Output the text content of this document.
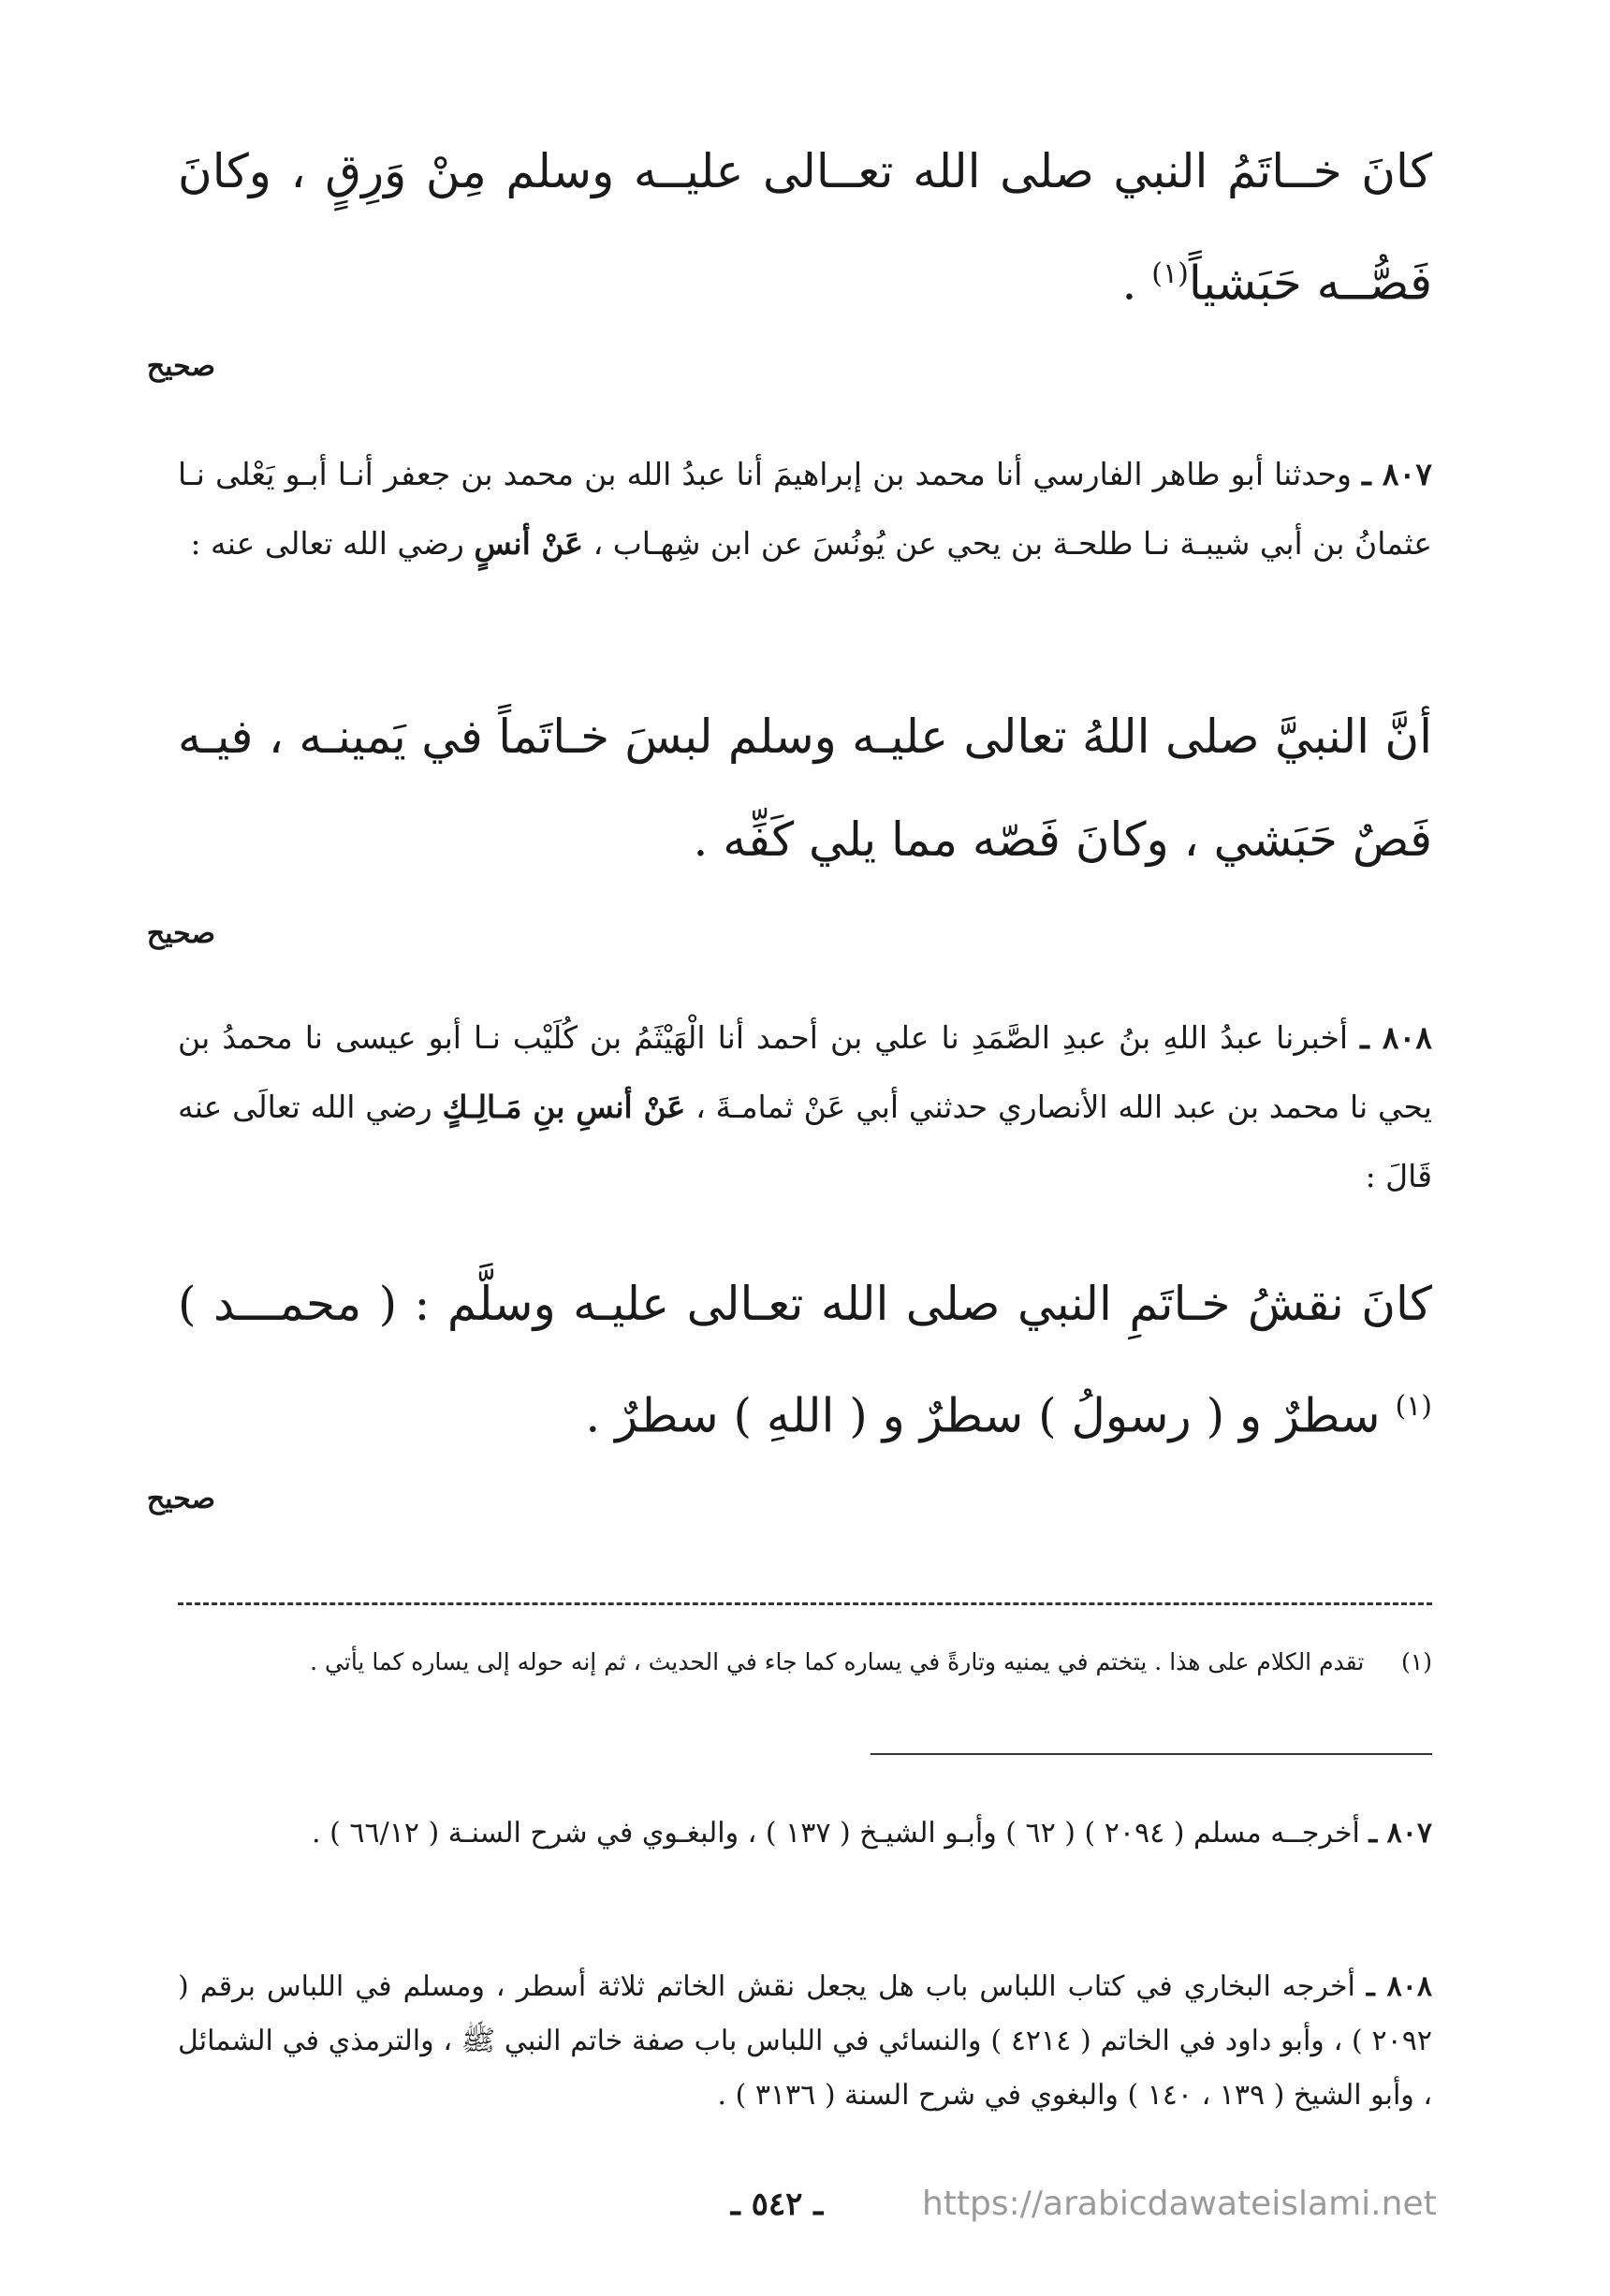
كانَ خــاتَمُ النبي صلى الله تعــالى عليــه وسلم مِنْ وَرِقٍ ، وكانَ فَصُّــه حَبَشياً$^{(١)}$ .
صحيح
٨٠٧ ـ وحدثنا أبو طاهر الفارسي أنا محمد بن إبراهيمَ أنا عبدُ الله بن محمد بن جعفر أنـا أبـو يَعْلى نـا عثمانُ بن أبي شيبـة نـا طلحـة بن يحي عن يُونُسَ عن ابن شِهـاب ، عَنْ أنسٍ رضي الله تعالى عنه :
أنَّ النبيَّ صلى اللهُ تعالى عليـه وسلم لبسَ خـاتَماً في يَمينـه ، فيـه فَصٌ حَبَشي ، وكانَ فَصّه مما يلي كَفِّه .
صحيح
٨٠٨ ـ أخبرنا عبدُ اللهِ بنُ عبدِ الصَّمَدِ نا علي بن أحمد أنا الْهَيْثَمُ بن كُلَيْب نـا أبو عيسى نا محمدُ بن يحي نا محمد بن عبد الله الأنصاري حدثني أبي عَنْ ثمامـةَ ، عَنْ أنسِ بنِ مَـالِـكٍ رضي الله تعالَى عنه قَالَ :
كانَ نقشُ خـاتَمِ النبي صلى الله تعـالى عليـه وسلَّم : ( محمـــد )$^{(١)}$ سطرٌ و ( رسولُ ) سطرٌ و ( اللهِ ) سطرٌ .
صحيح
(١)     تقدم الكلام على هذا . يتختم في يمنيه وتارةً في يساره كما جاء في الحديث ، ثم إنه حوله إلى يساره كما يأتي .
٨٠٧ ـ أخرجــه مسلم ( ٢٠٩٤ ) ( ٦٢ ) وأبـو الشيـخ ( ١٣٧ ) ، والبغـوي في شرح السنـة ( ٦٦/١٢ ) .
٨٠٨ ـ أخرجه البخاري في كتاب اللباس باب هل يجعل نقش الخاتم ثلاثة أسطر ، ومسلم في اللباس برقم ( ٢٠٩٢ ) ، وأبو داود في الخاتم ( ٤٢١٤ ) والنسائي في اللباس باب صفة خاتم النبي ﷺ ، والترمذي في الشمائل ، وأبو الشيخ ( ١٣٩ ، ١٤٠ ) والبغوي في شرح السنة ( ٣١٣٦ ) .
ـ ٥٤٢ ـ	https://arabicdawateislami.net
